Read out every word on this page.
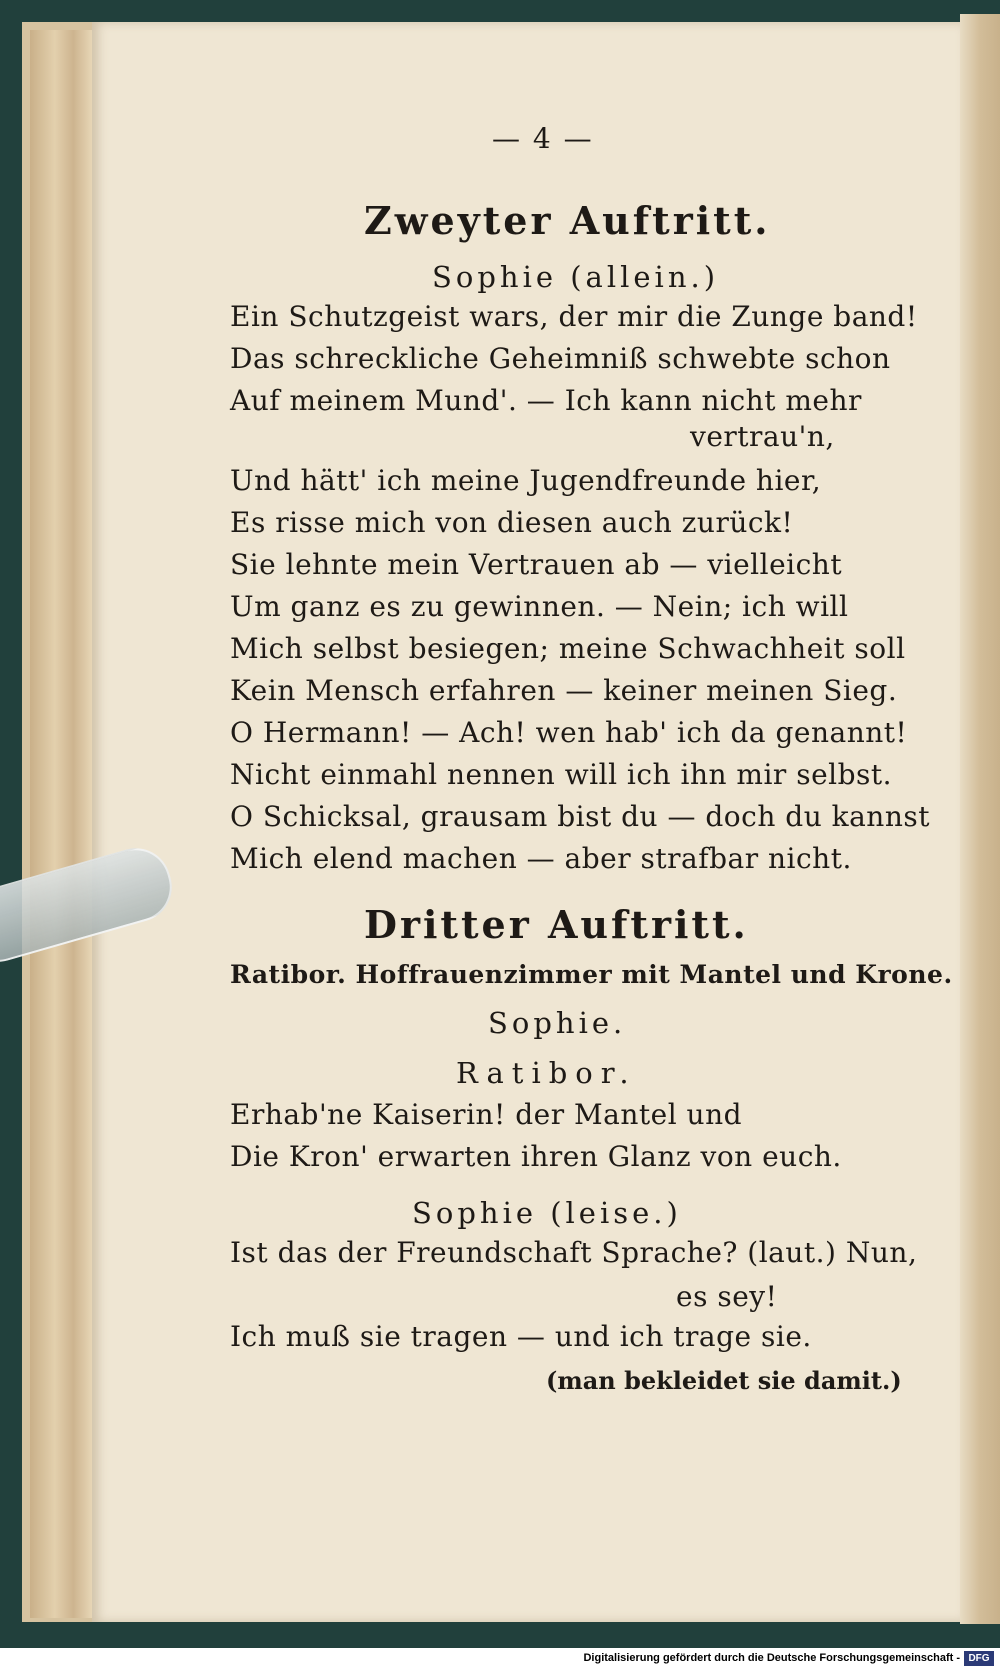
— 4 —
Zweyter Auftritt.
Sophie (allein.)
Ein Schutzgeist wars, der mir die Zunge band!
Das schreckliche Geheimniß schwebte schon
Auf meinem Mund'. — Ich kann nicht mehr
vertrau'n,
Und hätt' ich meine Jugendfreunde hier,
Es risse mich von diesen auch zurück!
Sie lehnte mein Vertrauen ab — vielleicht
Um ganz es zu gewinnen. — Nein; ich will
Mich selbst besiegen; meine Schwachheit soll
Kein Mensch erfahren — keiner meinen Sieg.
O Hermann! — Ach! wen hab' ich da genannt!
Nicht einmahl nennen will ich ihn mir selbst.
O Schicksal, grausam bist du — doch du kannst
Mich elend machen — aber strafbar nicht.
Dritter Auftritt.
Ratibor. Hoffrauenzimmer mit Mantel und Krone.
Sophie.
Ratibor.
Erhab'ne Kaiserin! der Mantel und
Die Kron' erwarten ihren Glanz von euch.
Sophie (leise.)
Ist das der Freundschaft Sprache? (laut.) Nun,
es sey!
Ich muß sie tragen — und ich trage sie.
(man bekleidet sie damit.)
Digitalisierung gefördert durch die Deutsche Forschungsgemeinschaft - DFG
